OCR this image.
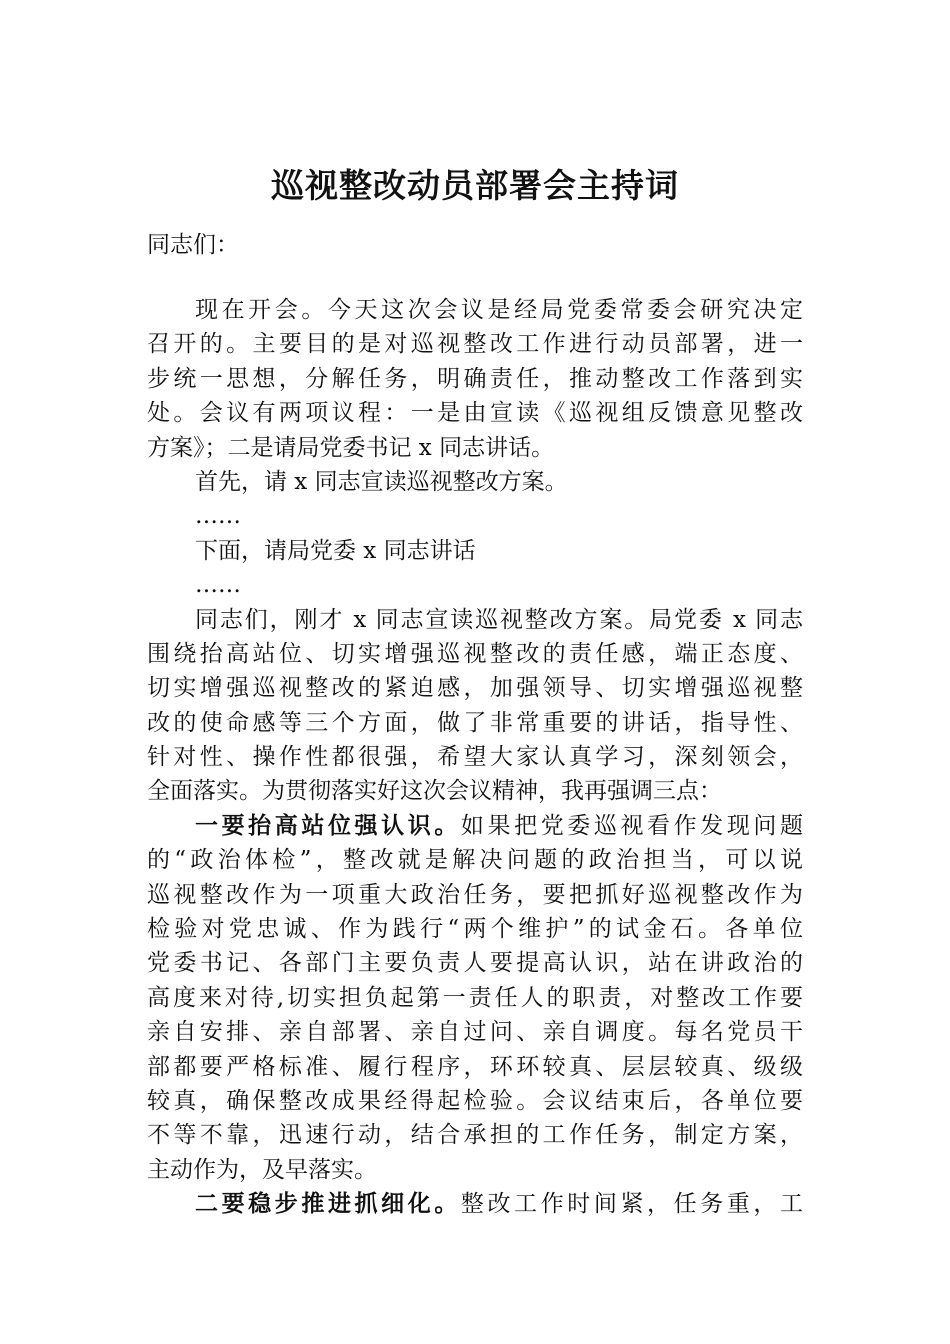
巡视整改动员部署会主持词
同志们：
现在开会。今天这次会议是经局党委常委会研究决定
召开的。主要目的是对巡视整改工作进行动员部署，进一
步统一思想，分解任务，明确责任，推动整改工作落到实
处。会议有两项议程：一是由宣读《巡视组反馈意见整改
方案》；二是请局党委书记 x 同志讲话。
首先，请 x 同志宣读巡视整改方案。
……
下面，请局党委 x 同志讲话
……
同志们，刚才 x 同志宣读巡视整改方案。局党委 x 同志
围绕抬高站位、切实增强巡视整改的责任感，端正态度、
切实增强巡视整改的紧迫感，加强领导、切实增强巡视整
改的使命感等三个方面，做了非常重要的讲话，指导性、
针对性、操作性都很强，希望大家认真学习，深刻领会，
全面落实。为贯彻落实好这次会议精神，我再强调三点：
一要抬高站位强认识。如果把党委巡视看作发现问题
的“政治体检”，整改就是解决问题的政治担当，可以说
巡视整改作为一项重大政治任务，要把抓好巡视整改作为
检验对党忠诚、作为践行“两个维护”的试金石。各单位
党委书记、各部门主要负责人要提高认识，站在讲政治的
高度来对待,切实担负起第一责任人的职责，对整改工作要
亲自安排、亲自部署、亲自过问、亲自调度。每名党员干
部都要严格标准、履行程序，环环较真、层层较真、级级
较真，确保整改成果经得起检验。会议结束后，各单位要
不等不靠，迅速行动，结合承担的工作任务，制定方案，
主动作为，及早落实。
二要稳步推进抓细化。整改工作时间紧，任务重，工
